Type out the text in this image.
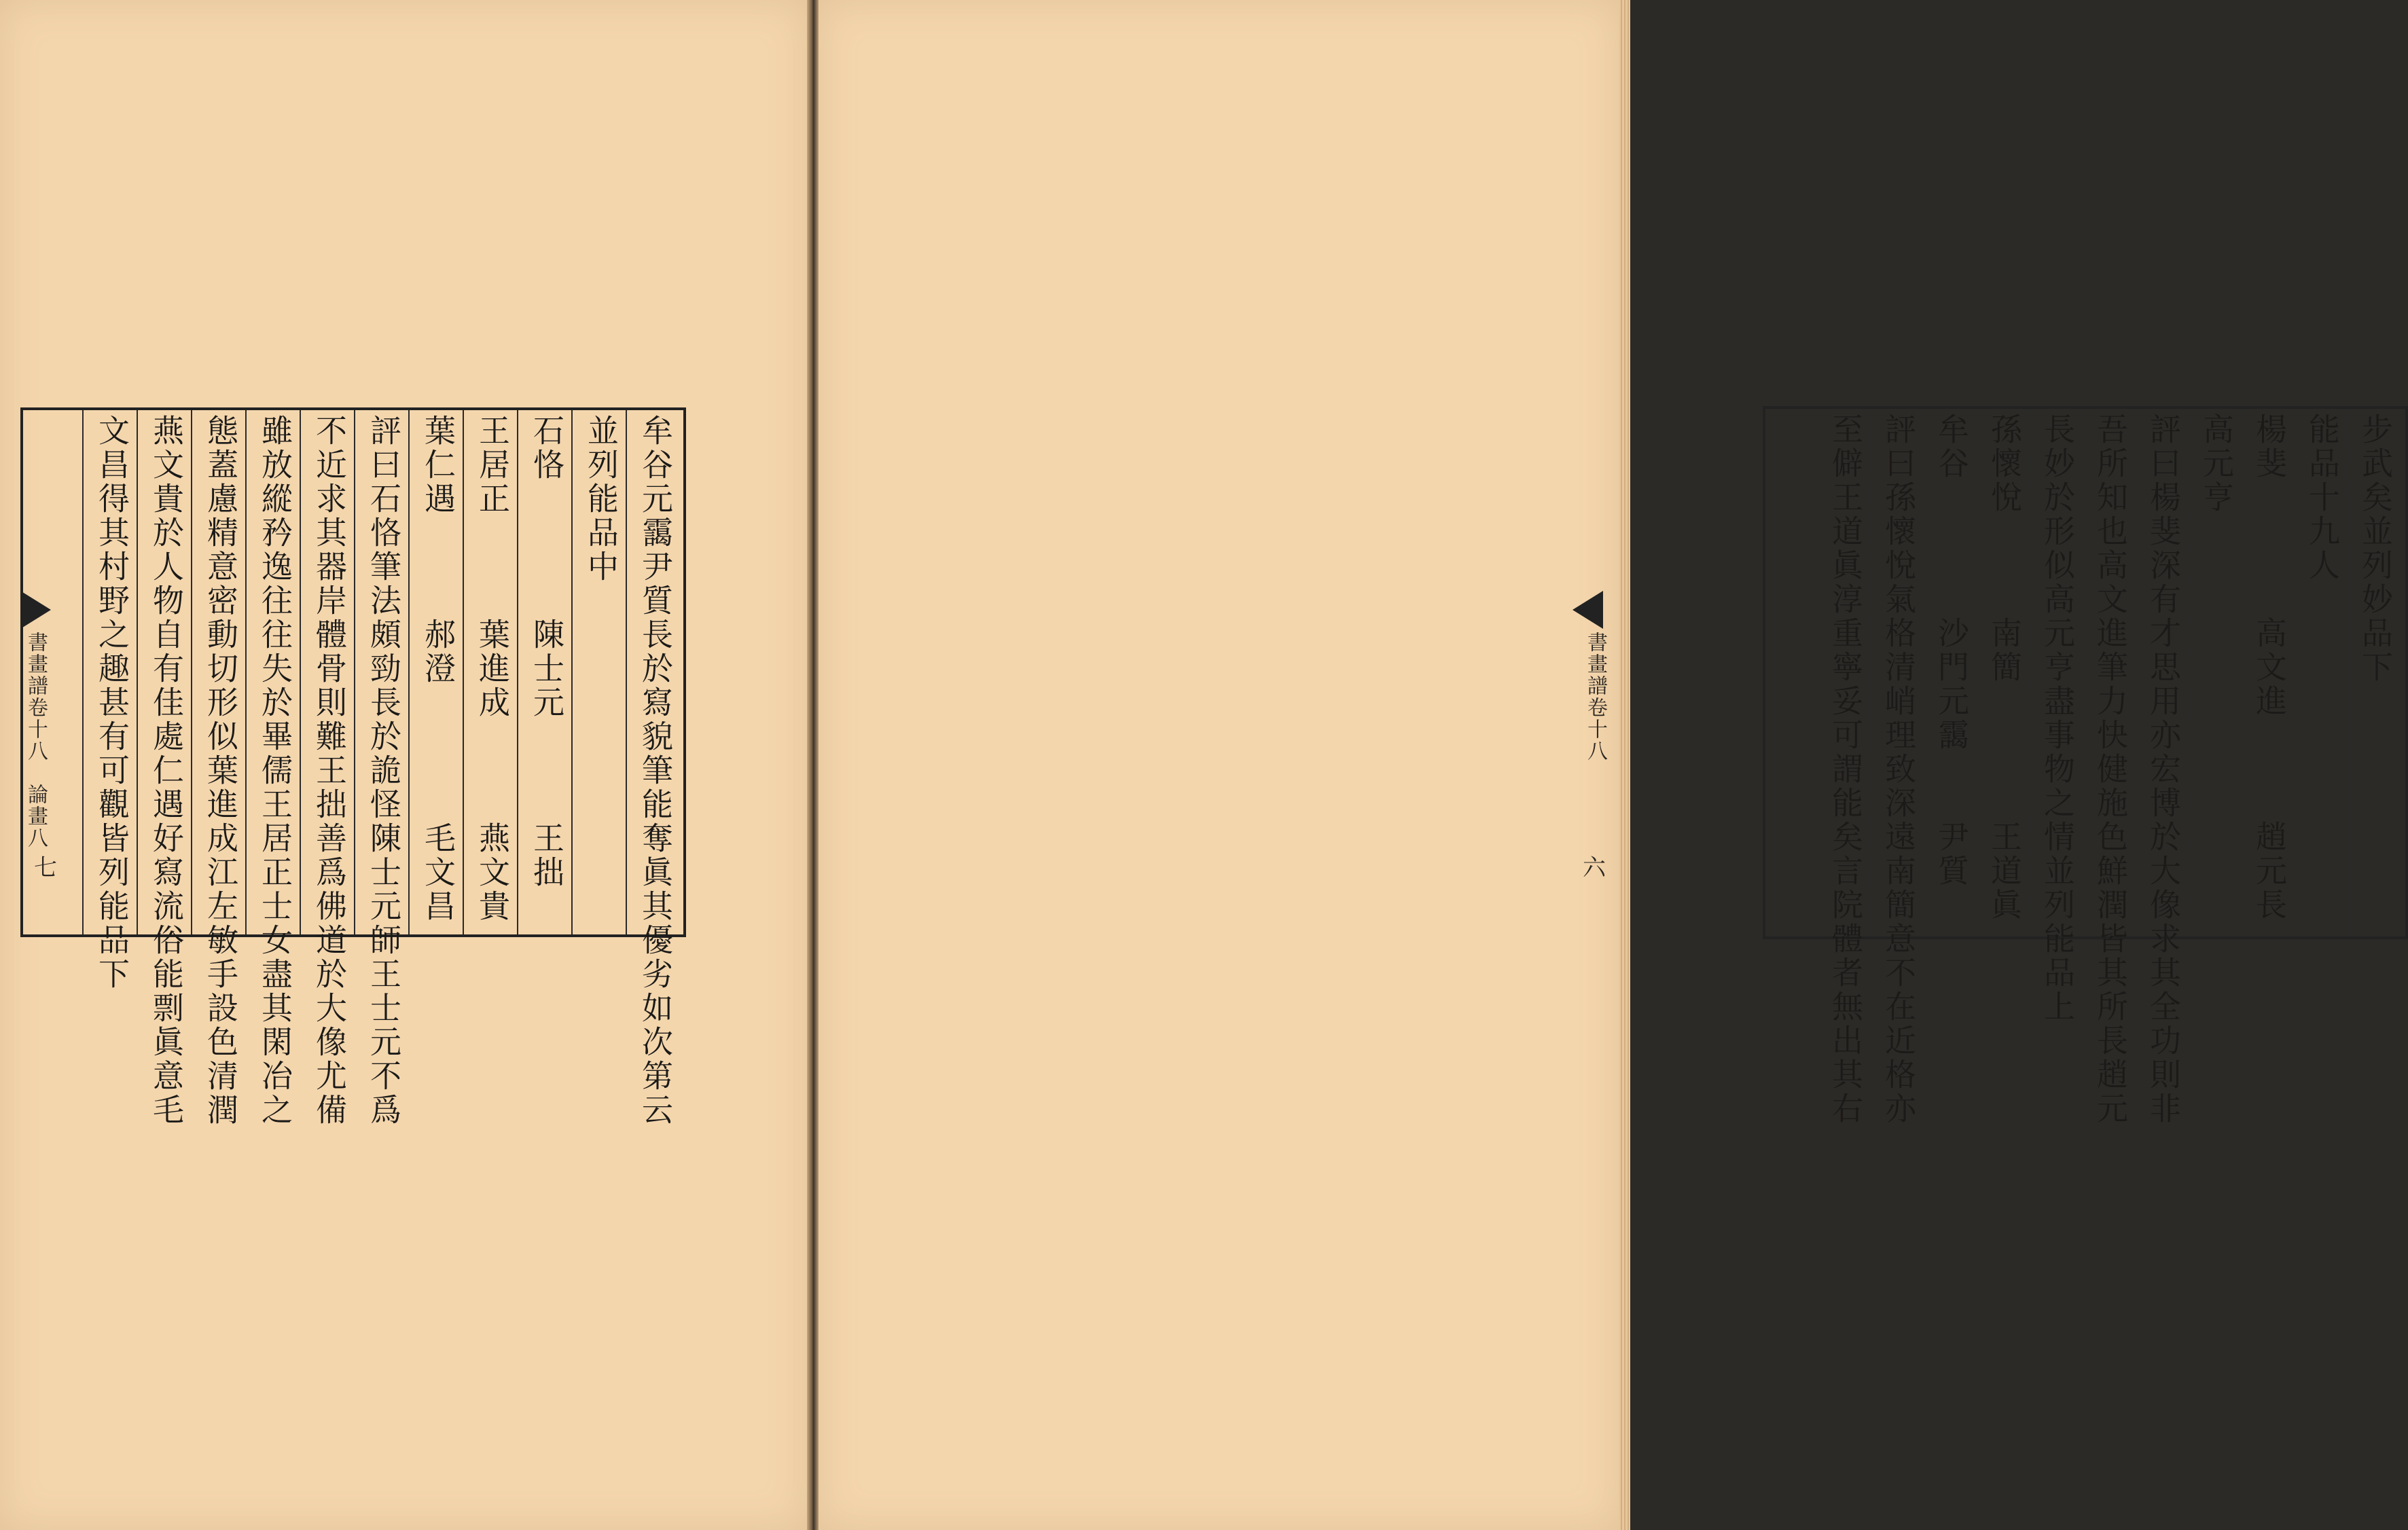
牟谷元靄尹質長於寫貌筆能奪眞其優劣如次第云
並列能品中
石恪　　　　陳士元　　　王拙
王居正　　　葉進成　　　燕文貴
葉仁遇　　　郝澄　　　　毛文昌
評曰石恪筆法頗勁長於詭怪陳士元師王士元不爲
不近求其器岸體骨則難王拙善爲佛道於大像尤備
雖放縱矜逸往往失於畢儒王居正士女盡其閑冶之
態蓋慮精意密動切形似葉進成江左敏手設色清潤
燕文貴於人物自有佳處仁遇好寫流俗能剽眞意毛
文昌得其村野之趣甚有可觀皆列能品下
書畫譜卷十八　論畫八
七
步武矣並列妙品下
能品十九人
楊斐　　　　高文進　　　趙元長
高元亨
評曰楊斐深有才思用亦宏博於大像求其全功則非
吾所知也高文進筆力快健施色鮮潤皆其所長趙元
長妙於形似高元亨盡事物之情並列能品上
孫懷悅　　　南簡　　　　王道眞
牟谷　　　　沙門元靄　　尹質
評曰孫懷悅氣格清峭理致深遠南簡意不在近格亦
至僻王道眞淳重寧妥可謂能矣言院體者無出其右
書畫譜卷十八
六
